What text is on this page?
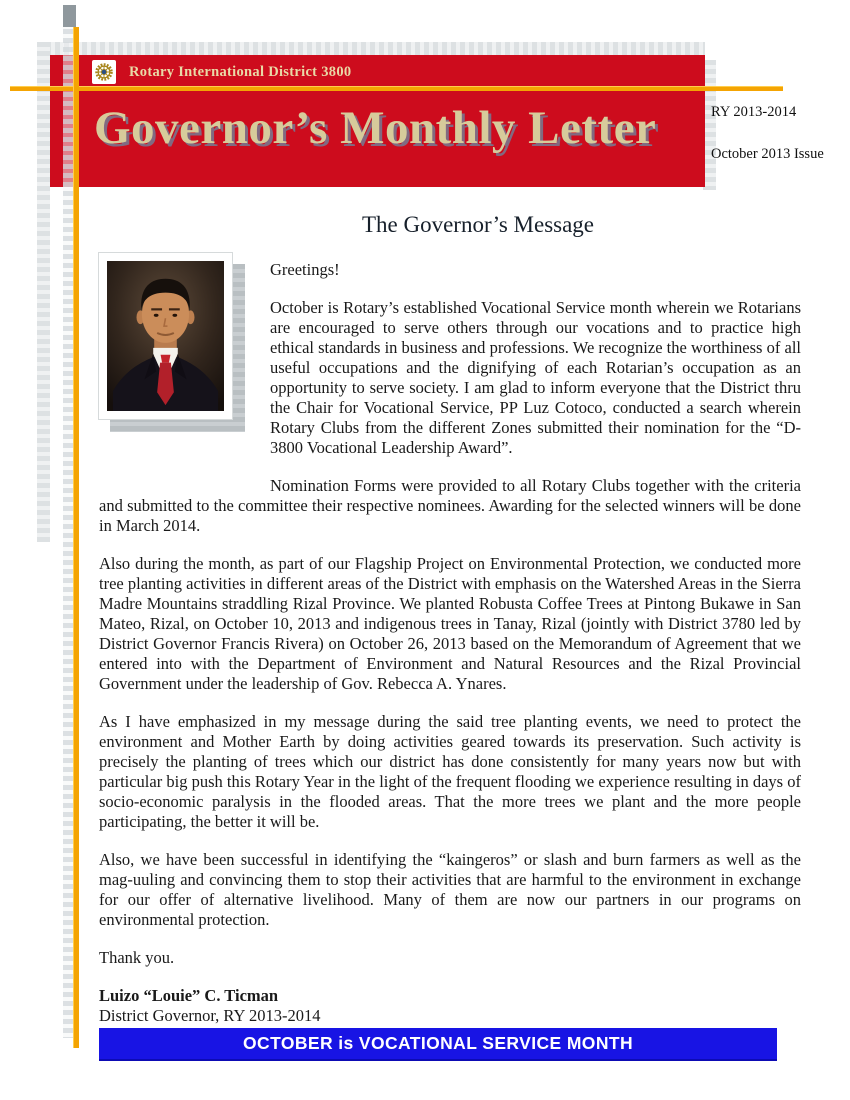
Rotary International District 3800
Governor’s Monthly Letter	RY 2013-2014
October 2013 Issue
The Governor’s Message

Greetings!

October is Rotary’s established Vocational Service month wherein we Rotarians are encouraged to serve others through our vocations and to practice high ethical standards in business and professions. We recognize the worthiness of all useful occupations and the dignifying of each Rotarian’s occupation as an opportunity to serve society. I am glad to inform everyone that the District thru the Chair for Vocational Service, PP Luz Cotoco, conducted a search wherein Rotary Clubs from the different Zones submitted their nomination for the “D-3800 Vocational Leadership Award”.

Nomination Forms were provided to all Rotary Clubs together with the criteria and submitted to the committee their respective nominees. Awarding for the selected winners will be done in March 2014.

Also during the month, as part of our Flagship Project on Environmental Protection, we conducted more tree planting activities in different areas of the District with emphasis on the Watershed Areas in the Sierra Madre Mountains straddling Rizal Province. We planted Robusta Coffee Trees at Pintong Bukawe in San Mateo, Rizal, on October 10, 2013 and indigenous trees in Tanay, Rizal (jointly with District 3780 led by District Governor Francis Rivera) on October 26, 2013 based on the Memorandum of Agreement that we entered into with the Department of Environment and Natural Resources and the Rizal Provincial Government under the leadership of Gov. Rebecca A. Ynares.

As I have emphasized in my message during the said tree planting events, we need to protect the environment and Mother Earth by doing activities geared towards its preservation. Such activity is precisely the planting of trees which our district has done consistently for many years now but with particular big push this Rotary Year in the light of the frequent flooding we experience resulting in days of socio-economic paralysis in the flooded areas. That the more trees we plant and the more people participating, the better it will be.

Also, we have been successful in identifying the “kaingeros” or slash and burn farmers as well as the mag-uuling and convincing them to stop their activities that are harmful to the environment in exchange for our offer of alternative livelihood. Many of them are now our partners in our programs on environmental protection.

Thank you.

Luizo “Louie” C. Ticman
District Governor, RY 2013-2014
OCTOBER is VOCATIONAL SERVICE MONTH
